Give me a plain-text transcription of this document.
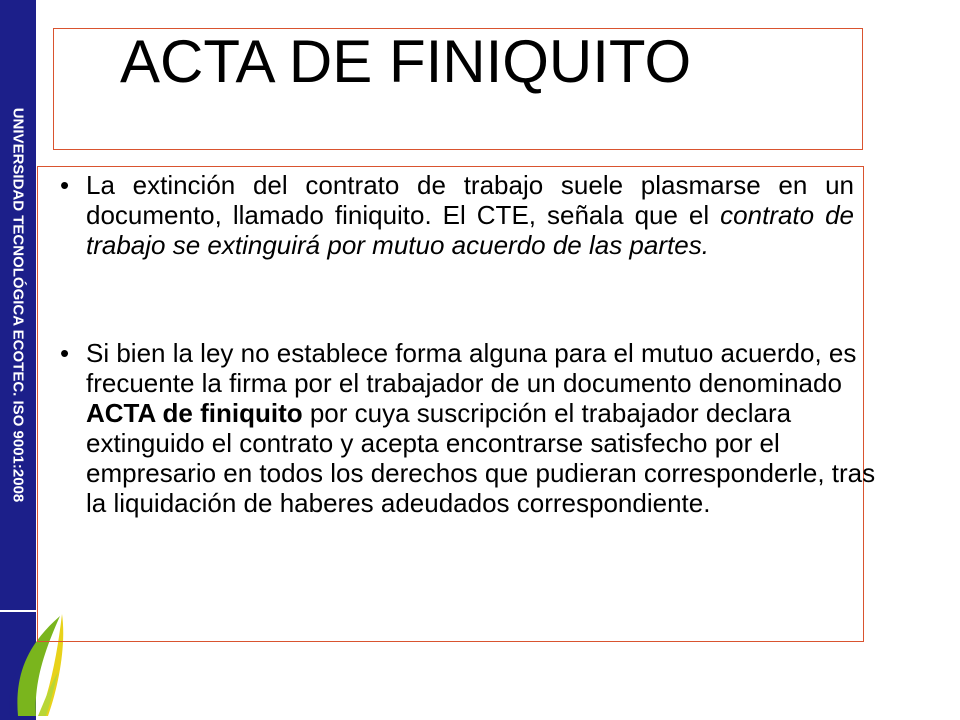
UNIVERSIDAD TECNOLÓGICA ECOTEC. ISO 9001:2008
ACTA DE FINIQUITO
• La extinción del contrato de trabajo suele plasmarse en un documento, llamado finiquito. El CTE, señala que el contrato de trabajo se extinguirá por mutuo acuerdo de las partes.
• Si bien la ley no establece forma alguna para el mutuo acuerdo, es frecuente la firma por el trabajador de un documento denominado ACTA de finiquito por cuya suscripción el trabajador declara extinguido el contrato y acepta encontrarse satisfecho por el empresario en todos los derechos que pudieran corresponderle, tras la liquidación de haberes adeudados correspondiente.
